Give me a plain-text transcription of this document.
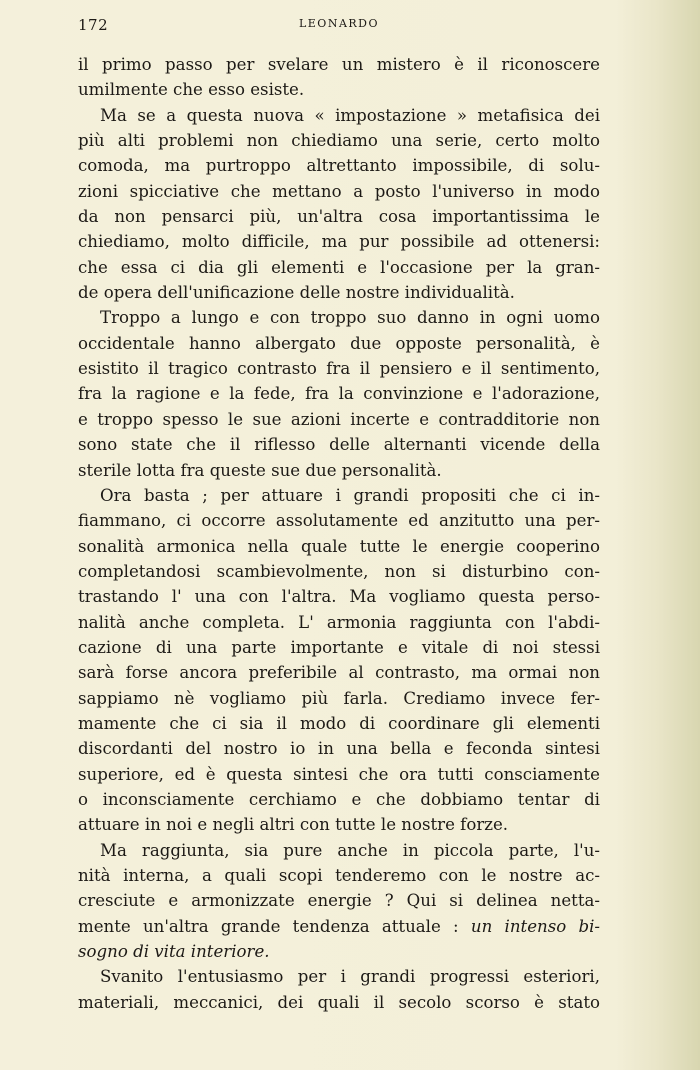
172	LEONARDO
il primo passo per svelare un mistero è il riconoscere
umilmente che esso esiste.
Ma se a questa nuova « impostazione » metafisica dei
più alti problemi non chiediamo una serie, certo molto
comoda, ma purtroppo altrettanto impossibile, di solu-
zioni spicciative che mettano a posto l'universo in modo
da non pensarci più, un'altra cosa importantissima le
chiediamo, molto difficile, ma pur possibile ad ottenersi:
che essa ci dia gli elementi e l'occasione per la gran-
de opera dell'unificazione delle nostre individualità.
Troppo a lungo e con troppo suo danno in ogni uomo
occidentale hanno albergato due opposte personalità, è
esistito il tragico contrasto fra il pensiero e il sentimento,
fra la ragione e la fede, fra la convinzione e l'adorazione,
e troppo spesso le sue azioni incerte e contradditorie non
sono state che il riflesso delle alternanti vicende della
sterile lotta fra queste sue due personalità.
Ora basta ; per attuare i grandi propositi che ci in-
fiammano, ci occorre assolutamente ed anzitutto una per-
sonalità armonica nella quale tutte le energie cooperino
completandosi scambievolmente, non si disturbino con-
trastando l' una con l'altra. Ma vogliamo questa perso-
nalità anche completa. L' armonia raggiunta con l'abdi-
cazione di una parte importante e vitale di noi stessi
sarà forse ancora preferibile al contrasto, ma ormai non
sappiamo nè vogliamo più farla. Crediamo invece fer-
mamente che ci sia il modo di coordinare gli elementi
discordanti del nostro io in una bella e feconda sintesi
superiore, ed è questa sintesi che ora tutti consciamente
o inconsciamente cerchiamo e che dobbiamo tentar di
attuare in noi e negli altri con tutte le nostre forze.
Ma raggiunta, sia pure anche in piccola parte, l'u-
nità interna, a quali scopi tenderemo con le nostre ac-
cresciute e armonizzate energie ? Qui si delinea netta-
mente un'altra grande tendenza attuale : un intenso bi-
sogno di vita interiore.
Svanito l'entusiasmo per i grandi progressi esteriori,
materiali, meccanici, dei quali il secolo scorso è stato
